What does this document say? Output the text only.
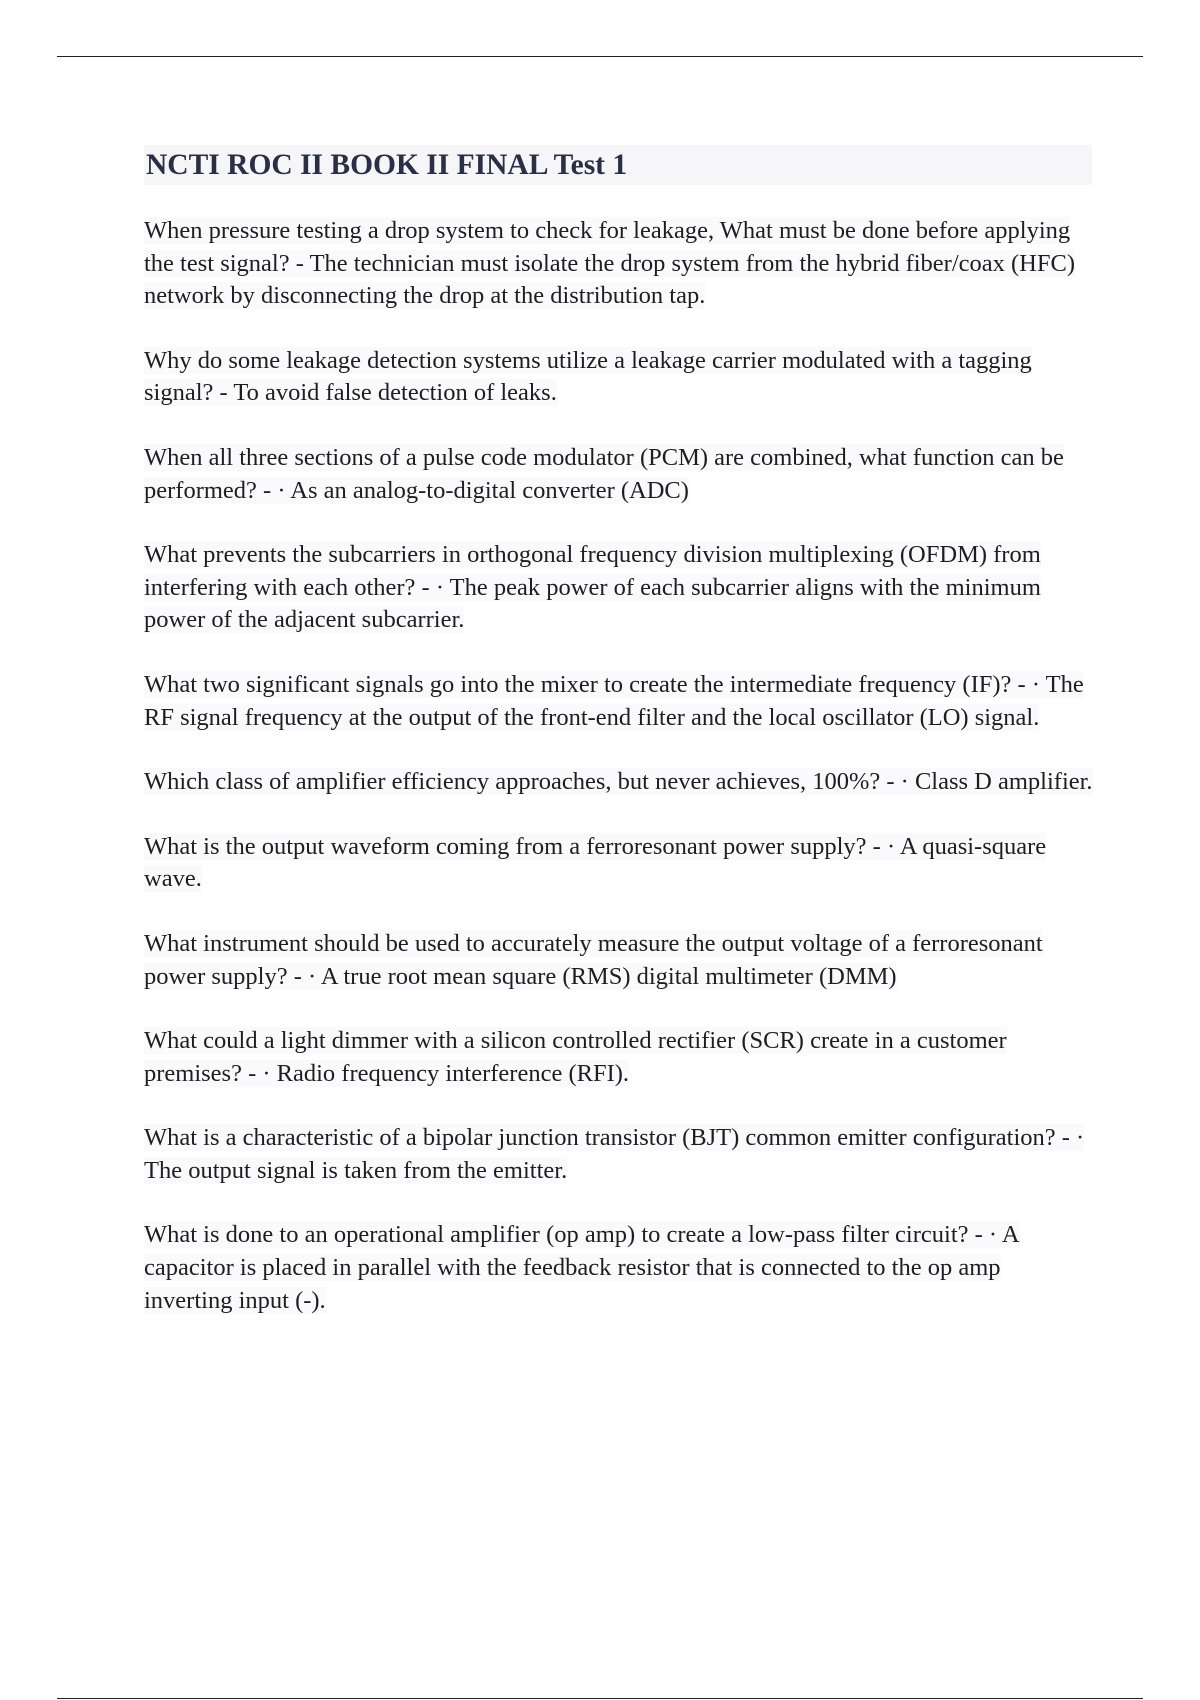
NCTI ROC II BOOK II FINAL Test 1

When pressure testing a drop system to check for leakage, What must be done before applying the test signal? - The technician must isolate the drop system from the hybrid fiber/coax (HFC) network by disconnecting the drop at the distribution tap.

Why do some leakage detection systems utilize a leakage carrier modulated with a tagging signal? - To avoid false detection of leaks.

When all three sections of a pulse code modulator (PCM) are combined, what function can be performed? - · As an analog-to-digital converter (ADC)

What prevents the subcarriers in orthogonal frequency division multiplexing (OFDM) from interfering with each other? - · The peak power of each subcarrier aligns with the minimum power of the adjacent subcarrier.

What two significant signals go into the mixer to create the intermediate frequency (IF)? - · The RF signal frequency at the output of the front-end filter and the local oscillator (LO) signal.

Which class of amplifier efficiency approaches, but never achieves, 100%? - · Class D amplifier.

What is the output waveform coming from a ferroresonant power supply? - · A quasi-square wave.

What instrument should be used to accurately measure the output voltage of a ferroresonant power supply? - · A true root mean square (RMS) digital multimeter (DMM)

What could a light dimmer with a silicon controlled rectifier (SCR) create in a customer premises? - · Radio frequency interference (RFI).

What is a characteristic of a bipolar junction transistor (BJT) common emitter configuration? - · The output signal is taken from the emitter.

What is done to an operational amplifier (op amp) to create a low-pass filter circuit? - · A capacitor is placed in parallel with the feedback resistor that is connected to the op amp inverting input (-).
